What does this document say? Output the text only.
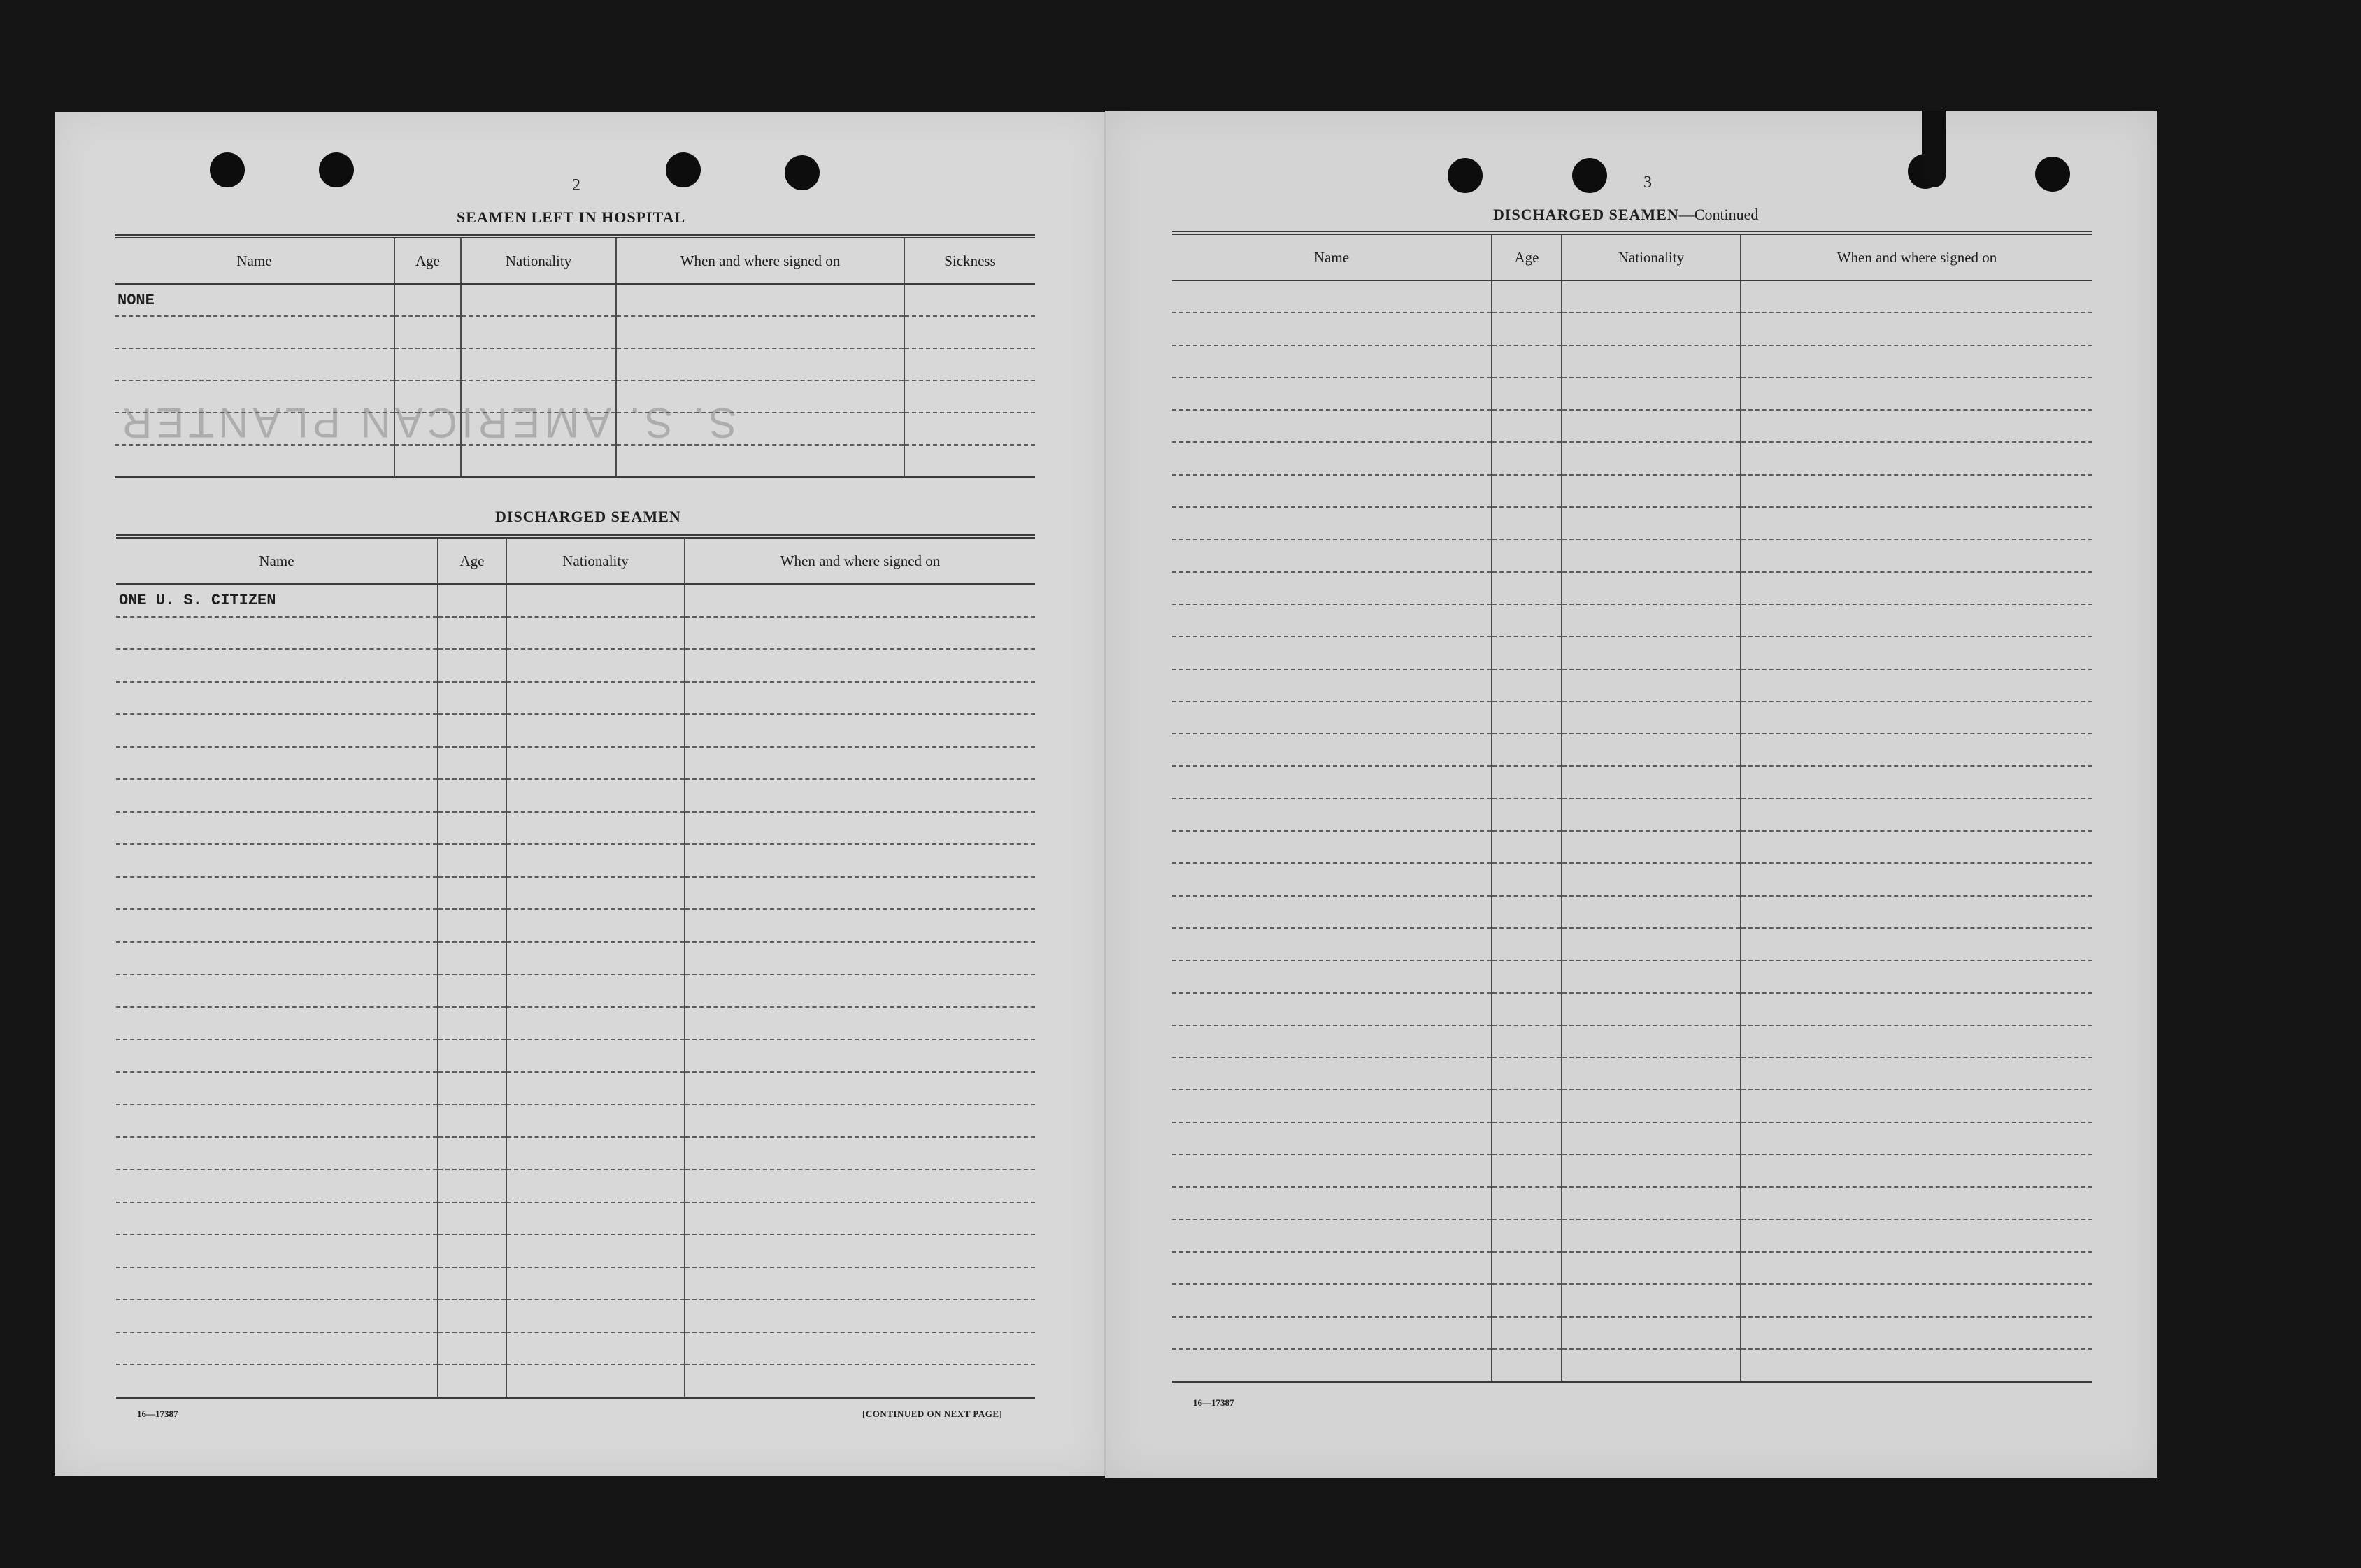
S. S. AMERICAN PLANTER
2
SEAMEN LEFT IN HOSPITAL
Name	Age	Nationality	When and where signed on	Sickness
NONE				

DISCHARGED SEAMEN
Name	Age	Nationality	When and where signed on
ONE U. S. CITIZEN			

16—17387	[CONTINUED ON NEXT PAGE]
3
DISCHARGED SEAMEN—Continued
Name	Age	Nationality	When and where signed on

16—17387
